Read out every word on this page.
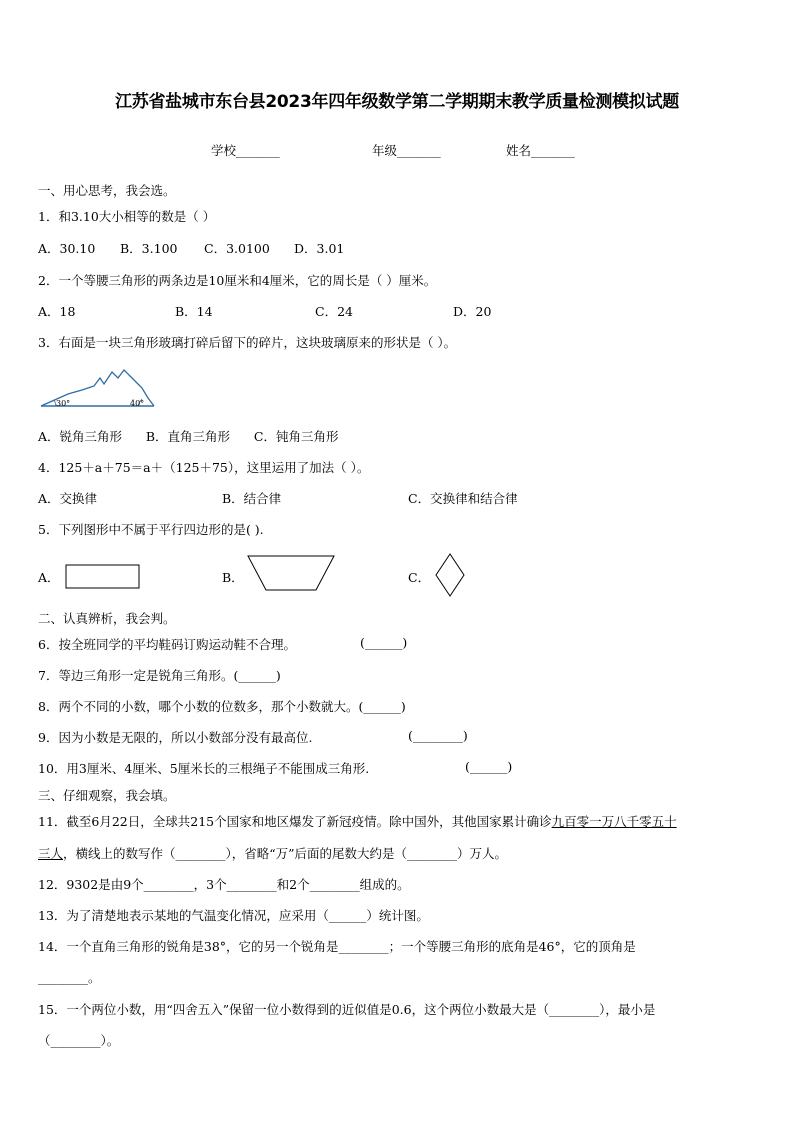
江苏省盐城市东台县2023年四年级数学第二学期期末教学质量检测模拟试题
学校_______	年级_______	姓名_______
一、用心思考，我会选。
1．和3.10大小相等的数是（ ）
A．30.10 B．3.100 C．3.0100 D．3.01
2．一个等腰三角形的两条边是10厘米和4厘米，它的周长是（ ）厘米。
A．18	B．14	C．24	D．20
3．右面是一块三角形玻璃打碎后留下的碎片，这块玻璃原来的形状是（ ）。
30°	40°
A．锐角三角形      B．直角三角形      C．钝角三角形
4．125＋a＋75＝a＋（125＋75），这里运用了加法（ ）。
A．交换律	B．结合律	C．交换律和结合律
5．下列图形中不属于平行四边形的是( ).
A．	B．	C．
二、认真辨析，我会判。
6．按全班同学的平均鞋码订购运动鞋不合理。	(______)
7．等边三角形一定是锐角三角形。(______)
8．两个不同的小数，哪个小数的位数多，那个小数就大。(______)
9．因为小数是无限的，所以小数部分没有最高位.	(________)
10．用3厘米、4厘米、5厘米长的三根绳子不能围成三角形.	(______)
三、仔细观察，我会填。
11．截至6月22日，全球共215个国家和地区爆发了新冠疫情。除中国外，其他国家累计确诊九百零一万八千零五十
三人，横线上的数写作（________），省略“万”后面的尾数大约是（________）万人。
12．9302是由9个________，3个________和2个________组成的。
13．为了清楚地表示某地的气温变化情况，应采用（______）统计图。
14．一个直角三角形的锐角是38°，它的另一个锐角是________；一个等腰三角形的底角是46°，它的顶角是
________。
15．一个两位小数，用“四舍五入”保留一位小数得到的近似值是0.6，这个两位小数最大是（________），最小是
（________）。
